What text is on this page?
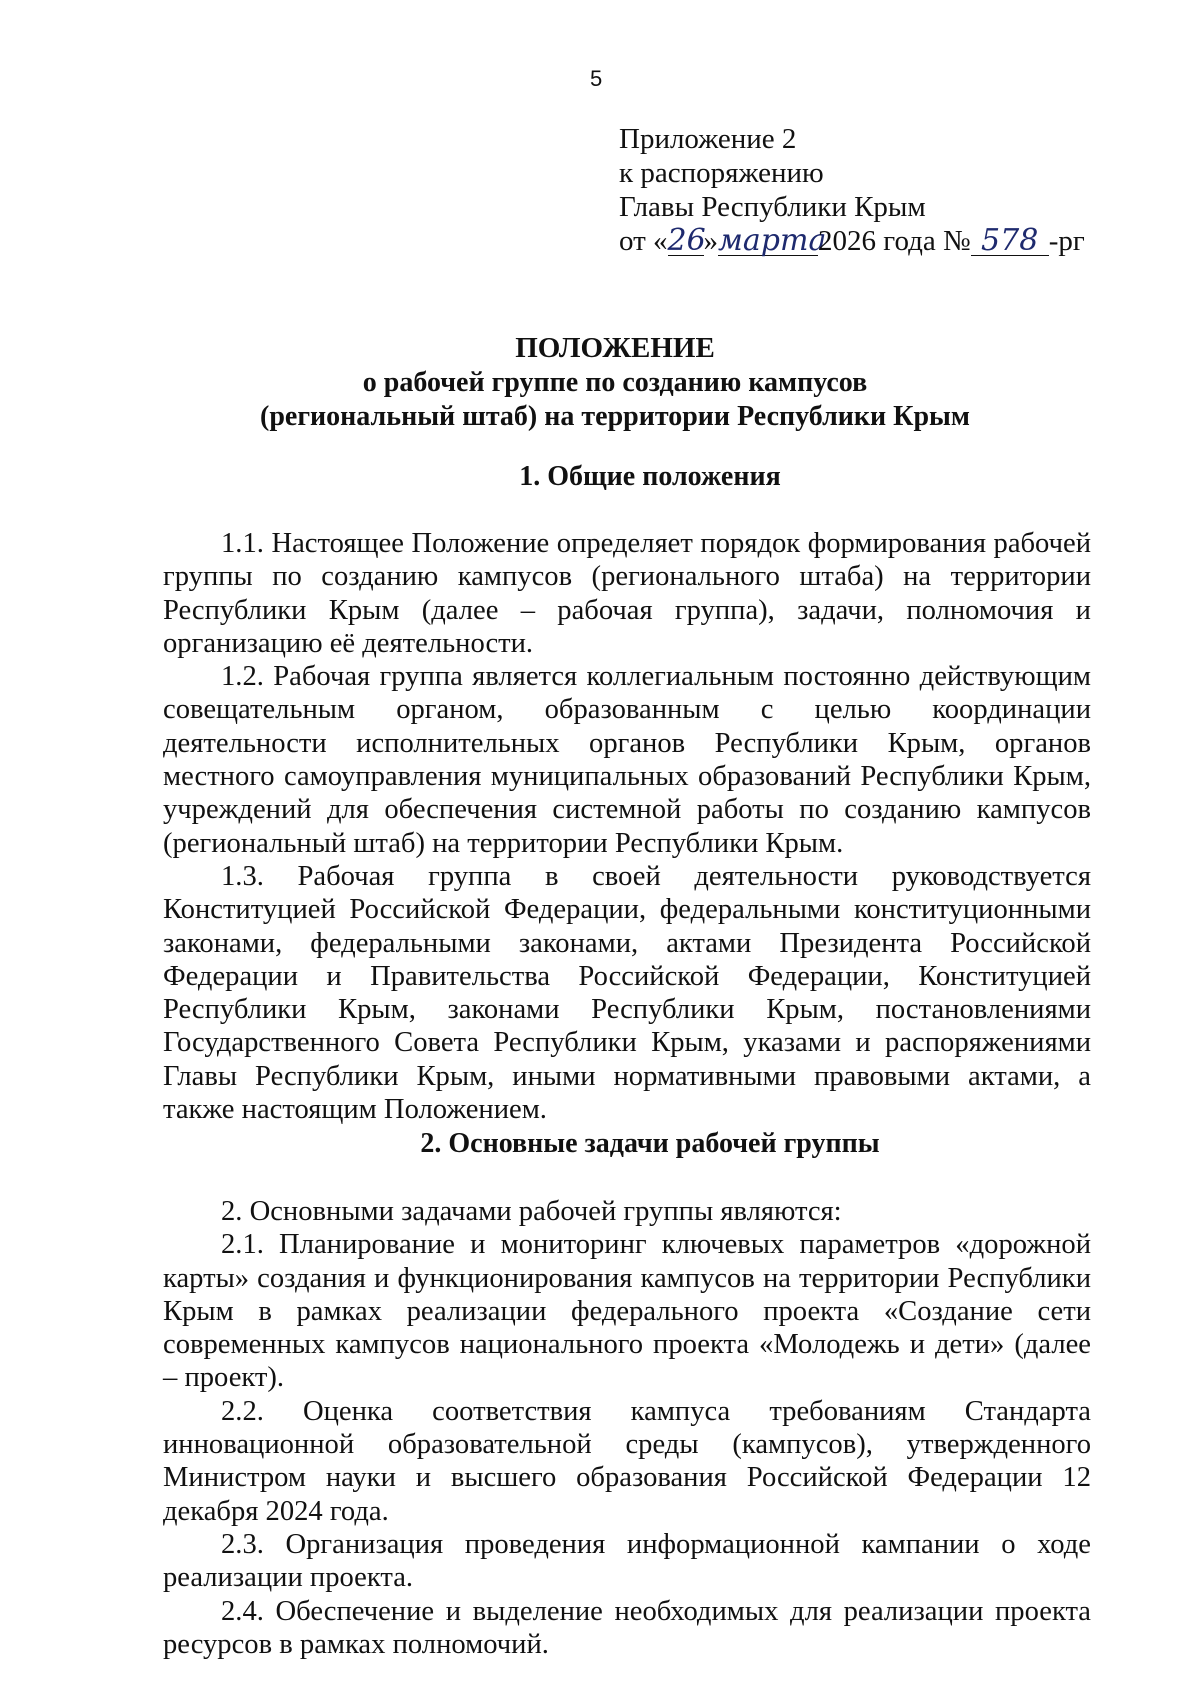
5
Приложение 2
к распоряжению
Главы Республики Крым
от «26»марта2026 года № 578 -рг
ПОЛОЖЕНИЕ
о рабочей группе по созданию кампусов
(региональный штаб) на территории Республики Крым
1. Общие положения

1.1. Настоящее Положение определяет порядок формирования рабочей группы по созданию кампусов (регионального штаба) на территории Республики Крым (далее – рабочая группа), задачи, полномочия и организацию её деятельности.

1.2. Рабочая группа является коллегиальным постоянно действующим совещательным органом, образованным с целью координации деятельности исполнительных органов Республики Крым, органов местного самоуправления муниципальных образований Республики Крым, учреждений для обеспечения системной работы по созданию кампусов (региональный штаб) на территории Республики Крым.

1.3. Рабочая группа в своей деятельности руководствуется Конституцией Российской Федерации, федеральными конституционными законами, федеральными законами, актами Президента Российской Федерации и Правительства Российской Федерации, Конституцией Республики Крым, законами Республики Крым, постановлениями Государственного Совета Республики Крым, указами и распоряжениями Главы Республики Крым, иными нормативными правовыми актами, а также настоящим Положением.

2. Основные задачи рабочей группы

2. Основными задачами рабочей группы являются:

2.1. Планирование и мониторинг ключевых параметров «дорожной карты» создания и функционирования кампусов на территории Республики Крым в рамках реализации федерального проекта «Создание сети современных кампусов национального проекта «Молодежь и дети» (далее – проект).

2.2. Оценка соответствия кампуса требованиям Стандарта инновационной образовательной среды (кампусов), утвержденного Министром науки и высшего образования Российской Федерации 12 декабря 2024 года.

2.3. Организация проведения информационной кампании о ходе реализации проекта.

2.4. Обеспечение и выделение необходимых для реализации проекта ресурсов в рамках полномочий.
